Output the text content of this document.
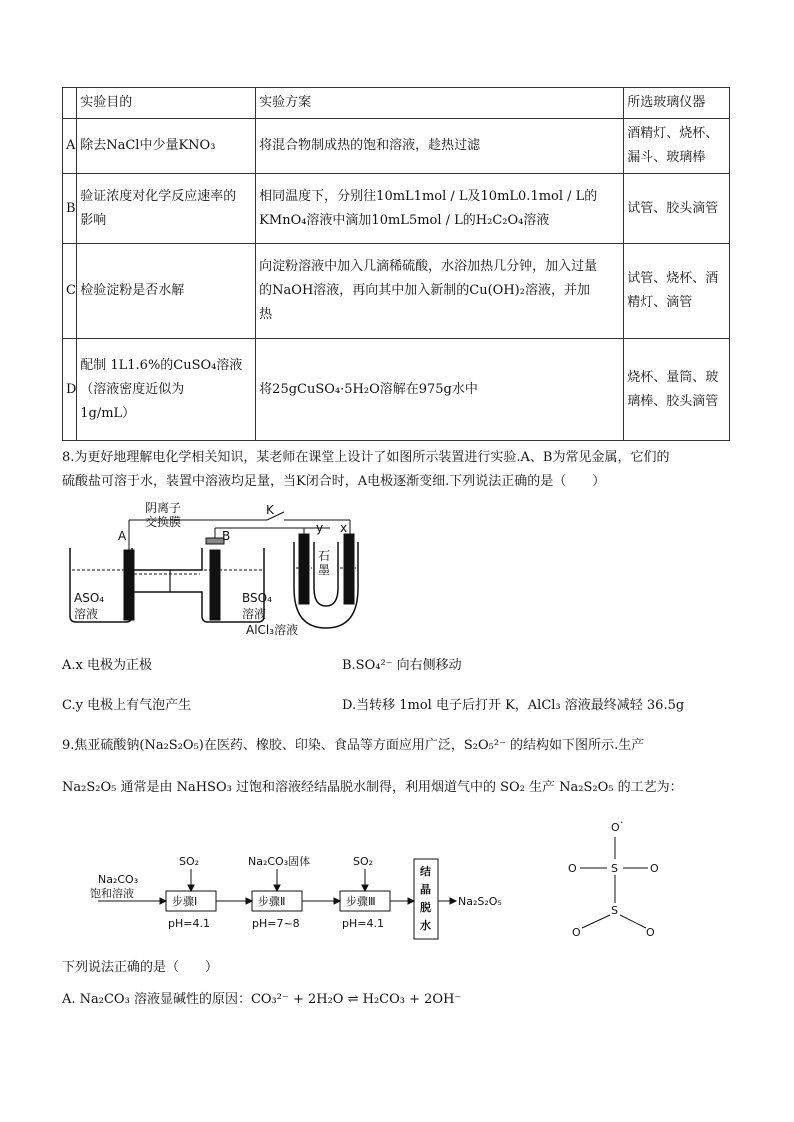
	实验目的	实验方案	所选玻璃仪器
A	除去NaCl中少量KNO₃	将混合物制成热的饱和溶液，趁热过滤	酒精灯、烧杯、
漏斗、玻璃棒

B	验证浓度对化学反应速率的
影响	相同温度下，分别往10mL1mol / L及10mL0.1mol / L的
KMnO₄溶液中滴加10mL5mol / L的H₂C₂O₄溶液	试管、胶头滴管

C	检验淀粉是否水解	向淀粉溶液中加入几滴稀硫酸，水浴加热几分钟，加入过量
的NaOH溶液，再向其中加入新制的Cu(OH)₂溶液，并加
热	试管、烧杯、酒
精灯、滴管

D	配制 1L1.6%的CuSO₄溶液
（溶液密度近似为
1g/mL）	将25gCuSO₄·5H₂O溶解在975g水中	烧杯、量筒、玻
璃棒、胶头滴管
8.为更好地理解电化学相关知识，某老师在课堂上设计了如图所示装置进行实验.A、B为常见金属，它们的
硫酸盐可溶于水，装置中溶液均足量，当K闭合时，A电极逐渐变细.下列说法正确的是（　　）
阴离子
交换膜
A	B
K
y x
石
墨
ASO₄
溶液
BSO₄
溶液
AlCl₃溶液
A.x 电极为正极	B.SO₄²⁻ 向右侧移动
C.y 电极上有气泡产生	D.当转移 1mol 电子后打开 K，AlCl₃ 溶液最终减轻 36.5g
9.焦亚硫酸钠(Na₂S₂O₅)在医药、橡胶、印染、食品等方面应用广泛，S₂O₅²⁻ 的结构如下图所示.生产
Na₂S₂O₅ 通常是由 NaHSO₃ 过饱和溶液经结晶脱水制得，利用烟道气中的 SO₂ 生产 Na₂S₂O₅ 的工艺为：
Na₂CO₃
饱和溶液
SO₂
步骤Ⅰ
pH=4.1
Na₂CO₃固体
步骤Ⅱ
pH=7~8
SO₂
步骤Ⅲ
pH=4.1
结
晶
脱
水
Na₂S₂O₅
O ·
O	S	O
S
O	O
下列说法正确的是（　　）
A. Na₂CO₃ 溶液显碱性的原因：CO₃²⁻ + 2H₂O ⇌ H₂CO₃ + 2OH⁻
